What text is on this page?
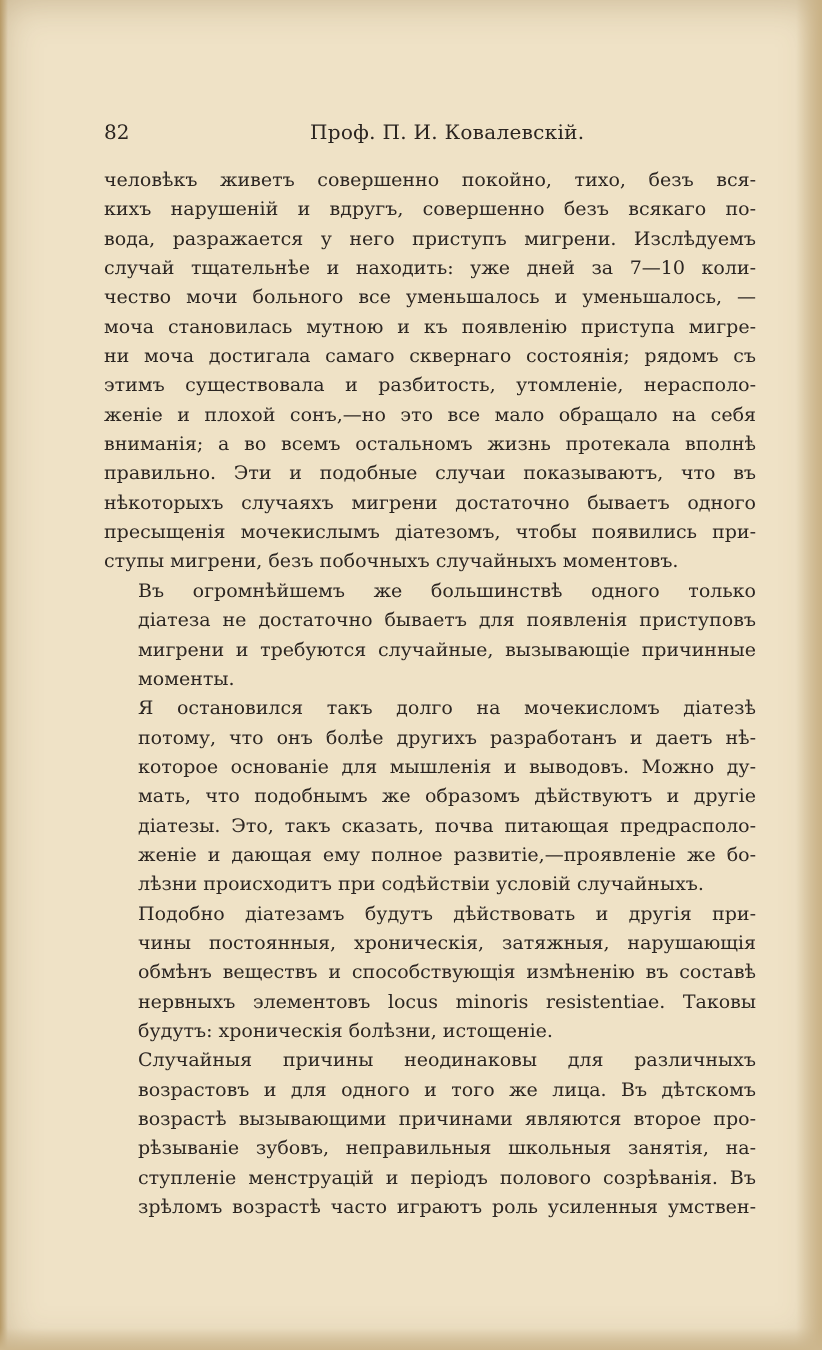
82	Проф. П. И. Ковалевскій.

человѣкъ живетъ совершенно покойно, тихо, безъ вся-
кихъ нарушеній и вдругъ, совершенно безъ всякаго по-
вода, разражается у него приступъ мигрени. Изслѣдуемъ
случай тщательнѣе и находить: уже дней за 7—10 коли-
чество мочи больного все уменьшалось и уменьшалось, —
моча становилась мутною и къ появленію приступа мигре-
ни моча достигала самаго сквернаго состоянія; рядомъ съ
этимъ существовала и разбитость, утомленіе, нерасполо-
женіе и плохой сонъ,—но это все мало обращало на себя
вниманія; а во всемъ остальномъ жизнь протекала вполнѣ
правильно. Эти и подобные случаи показываютъ, что въ
нѣкоторыхъ случаяхъ мигрени достаточно бываетъ одного
пресыщенія мочекислымъ діатезомъ, чтобы появились при-
ступы мигрени, безъ побочныхъ случайныхъ моментовъ.

Въ огромнѣйшемъ же большинствѣ одного только
діатеза не достаточно бываетъ для появленія приступовъ
мигрени и требуются случайные, вызывающіе причинные
моменты.

Я остановился такъ долго на мочекисломъ діатезѣ
потому, что онъ болѣе другихъ разработанъ и даетъ нѣ-
которое основаніе для мышленія и выводовъ. Можно ду-
мать, что подобнымъ же образомъ дѣйствуютъ и другіе
діатезы. Это, такъ сказать, почва питающая предрасполо-
женіе и дающая ему полное развитіе,—проявленіе же бо-
лѣзни происходитъ при содѣйствіи условій случайныхъ.

Подобно діатезамъ будутъ дѣйствовать и другія при-
чины постоянныя, хроническія, затяжныя, нарушающія
обмѣнъ веществъ и способствующія измѣненію въ составѣ
нервныхъ элементовъ locus minoris resistentiae. Таковы
будутъ: хроническія болѣзни, истощеніе.

Случайныя причины неодинаковы для различныхъ
возрастовъ и для одного и того же лица. Въ дѣтскомъ
возрастѣ вызывающими причинами являются второе про-
рѣзываніе зубовъ, неправильныя школьныя занятія, на-
ступленіе менструацій и періодъ полового созрѣванія. Въ
зрѣломъ возрастѣ часто играютъ роль усиленныя умствен-
